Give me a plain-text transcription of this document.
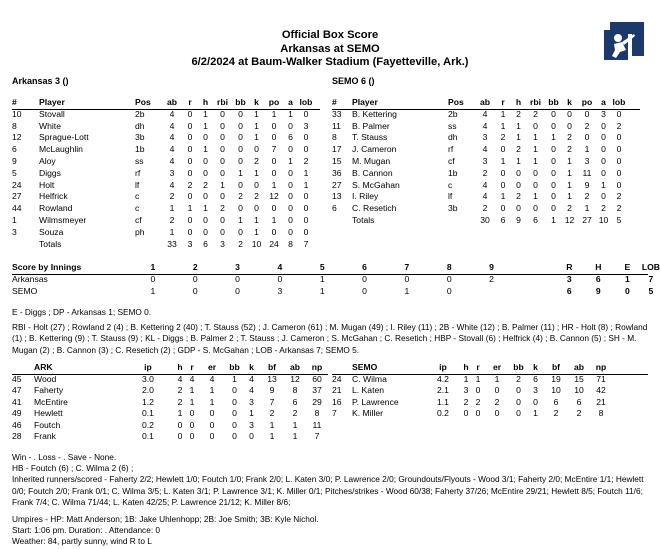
Official Box Score
Arkansas at SEMO
6/2/2024 at Baum-Walker Stadium (Fayetteville, Ark.)
Arkansas 3 ()	SEMO 6 ()
#	Player	Pos	ab	r	h	rbi	bb	k	po	a	lob
10	Stovall	2b	4	0	1	0	0	1	1	1	0
8	White	dh	4	0	1	0	0	1	0	0	3
12	Sprague-Lott	3b	4	0	0	0	0	1	0	6	0
6	McLaughlin	1b	4	0	1	0	0	0	7	0	0
9	Aloy	ss	4	0	0	0	0	2	0	1	2
5	Diggs	rf	3	0	0	0	1	1	0	0	1
24	Holt	lf	4	2	2	1	0	0	1	0	1
27	Helfrick	c	2	0	0	0	2	2	12	0	0
44	Rowland	c	1	1	1	2	0	0	0	0	0
1	Wilmsmeyer	cf	2	0	0	0	1	1	1	0	0
3	Souza	ph	1	0	0	0	0	1	0	0	0
	Totals		33	3	6	3	2	10	24	8	7
#	Player	Pos	ab	r	h	rbi	bb	k	po	a	lob
33	B. Kettering	2b	4	1	2	2	0	0	0	3	0
11	B. Palmer	ss	4	1	1	0	0	0	2	0	2
8	T. Stauss	dh	3	2	1	1	1	2	0	0	0
17	J. Cameron	rf	4	0	2	1	0	2	1	0	0
15	M. Mugan	cf	3	1	1	1	0	1	3	0	0
36	B. Cannon	1b	2	0	0	0	0	1	11	0	0
27	S. McGahan	c	4	0	0	0	0	1	9	1	0
13	I. Riley	lf	4	1	2	1	0	1	2	0	2
6	C. Resetich	3b	2	0	0	0	0	2	1	2	2
	Totals		30	6	9	6	1	12	27	10	5
Score by Innings	1	2	3	4	5	6	7	8	9		R	H	E	LOB
Arkansas	0	0	0	0	1	0	0	0	2		3	6	1	7
SEMO	1	0	0	3	1	0	1	0			6	9	0	5

E - Diggs ; DP - Arkansas 1; SEMO 0.

RBI - Holt (27) ; Rowland 2 (4) ; B. Kettering 2 (40) ; T. Stauss (52) ; J. Cameron (61) ; M. Mugan (49) ; I. Riley (11) ; 2B - White (12) ; B. Palmer (11) ; HR - Holt (8) ; Rowland (1) ; B. Kettering (9) ; T. Stauss (9) ; KL - Diggs ; B. Palmer 2 ; T. Stauss ; J. Cameron ; S. McGahan ; C. Resetich ; HBP - Stovall (6) ; Helfrick (4) ; B. Cannon (5) ; SH - M. Mugan (2) ; B. Cannon (3) ; C. Resetich (2) ; GDP - S. McGahan ; LOB - Arkansas 7; SEMO 5.

	ARK	ip	h	r	er	bb	k	bf	ab	np
45	Wood	3.0	4	4	4	1	4	13	12	60
47	Faherty	2.0	2	1	1	0	4	9	8	37
41	McEntire	1.2	2	1	1	0	3	7	6	29
49	Hewlett	0.1	1	0	0	0	1	2	2	8
46	Foutch	0.2	0	0	0	0	3	1	1	11
28	Frank	0.1	0	0	0	0	0	1	1	7
	SEMO	ip	h	r	er	bb	k	bf	ab	np
24	C. Wilma	4.2	1	1	1	2	6	19	15	71
21	L. Katen	2.1	3	0	0	0	3	10	10	42
16	P. Lawrence	1.1	2	2	2	0	0	6	6	21
7	K. Miller	0.2	0	0	0	0	1	2	2	8

Win - . Loss - . Save - None.

HB - Foutch (6) ; C. Wilma 2 (6) ;

Inherited runners/scored - Faherty 2/2; Hewlett 1/0; Foutch 1/0; Frank 2/0; L. Katen 3/0; P. Lawrence 2/0; Groundouts/Flyouts - Wood 3/1; Faherty 2/0; McEntire 1/1; Hewlett 0/0; Foutch 2/0; Frank 0/1; C. Wilma 3/5; L. Katen 3/1; P. Lawrence 3/1; K. Miller 0/1; Pitches/strikes - Wood 60/38; Faherty 37/26; McEntire 29/21; Hewlett 8/5; Foutch 11/6; Frank 7/4; C. Wilma 71/44; L. Katen 42/25; P. Lawrence 21/12; K. Miller 8/6;

Umpires - HP: Matt Anderson; 1B: Jake Uhlenhopp; 2B: Joe Smith; 3B: Kyle Nichol.

Start: 1:06 pm. Duration: . Attendance: 0

Weather: 84, partly sunny, wind R to L
